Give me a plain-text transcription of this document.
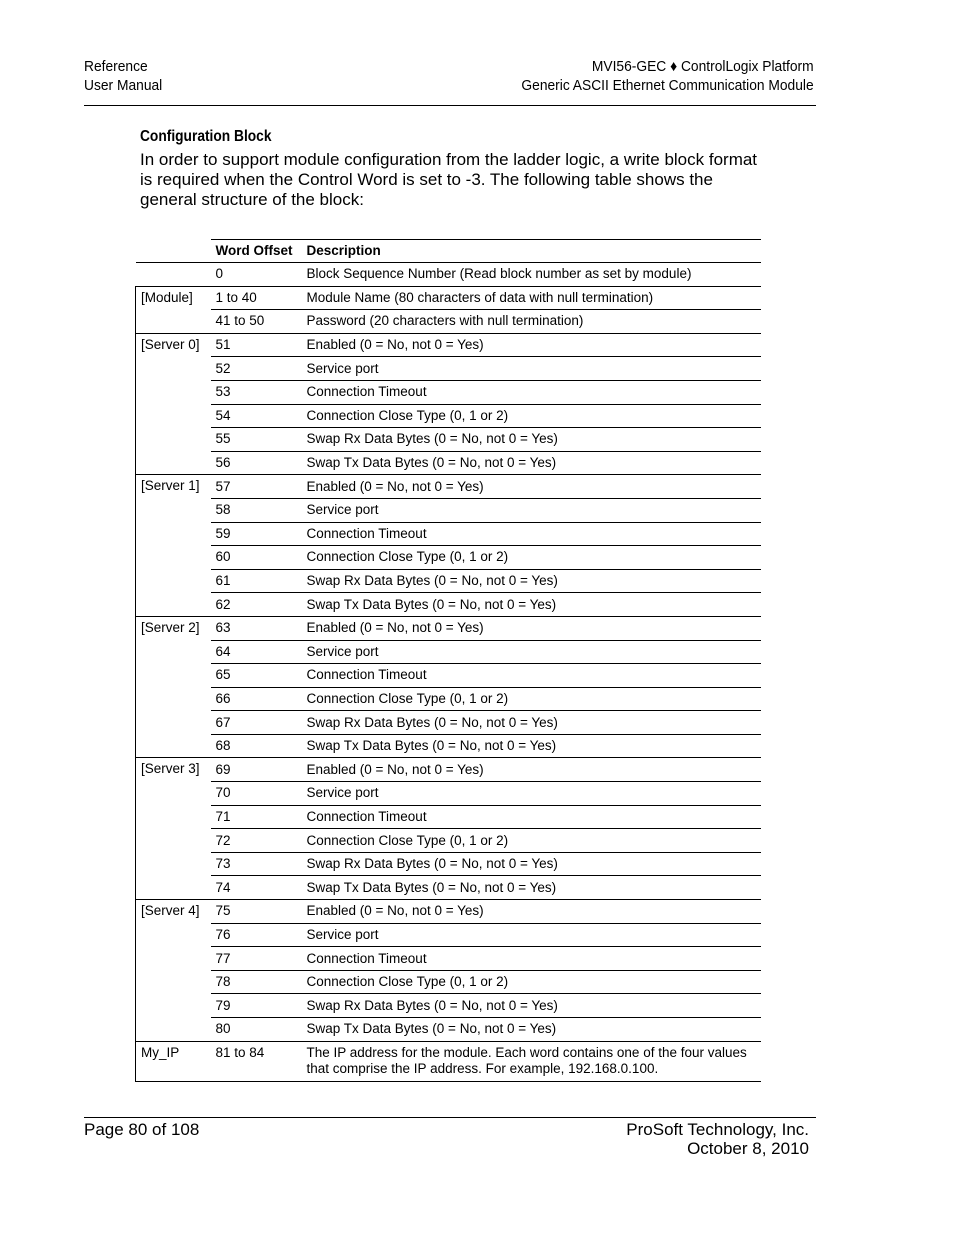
Reference
User Manual
MVI56-GEC ♦ ControlLogix Platform
Generic ASCII Ethernet Communication Module
Configuration Block
In order to support module configuration from the ladder logic, a write block format is required when the Control Word is set to -3. The following table shows the general structure of the block:
	Word Offset	Description
	0	Block Sequence Number (Read block number as set by module)
[Module]	1 to 40	Module Name (80 characters of data with null termination)
	41 to 50	Password (20 characters with null termination)
[Server 0]	51	Enabled (0 = No, not 0 = Yes)
	52	Service port
	53	Connection Timeout
	54	Connection Close Type (0, 1 or 2)
	55	Swap Rx Data Bytes (0 = No, not 0 = Yes)
	56	Swap Tx Data Bytes (0 = No, not 0 = Yes)
[Server 1]	57	Enabled (0 = No, not 0 = Yes)
	58	Service port
	59	Connection Timeout
	60	Connection Close Type (0, 1 or 2)
	61	Swap Rx Data Bytes (0 = No, not 0 = Yes)
	62	Swap Tx Data Bytes (0 = No, not 0 = Yes)
[Server 2]	63	Enabled (0 = No, not 0 = Yes)
	64	Service port
	65	Connection Timeout
	66	Connection Close Type (0, 1 or 2)
	67	Swap Rx Data Bytes (0 = No, not 0 = Yes)
	68	Swap Tx Data Bytes (0 = No, not 0 = Yes)
[Server 3]	69	Enabled (0 = No, not 0 = Yes)
	70	Service port
	71	Connection Timeout
	72	Connection Close Type (0, 1 or 2)
	73	Swap Rx Data Bytes (0 = No, not 0 = Yes)
	74	Swap Tx Data Bytes (0 = No, not 0 = Yes)
[Server 4]	75	Enabled (0 = No, not 0 = Yes)
	76	Service port
	77	Connection Timeout
	78	Connection Close Type (0, 1 or 2)
	79	Swap Rx Data Bytes (0 = No, not 0 = Yes)
	80	Swap Tx Data Bytes (0 = No, not 0 = Yes)
My_IP	81 to 84	The IP address for the module. Each word contains one of the four values that comprise the IP address. For example, 192.168.0.100.
Page 80 of 108	ProSoft Technology, Inc.
October 8, 2010
